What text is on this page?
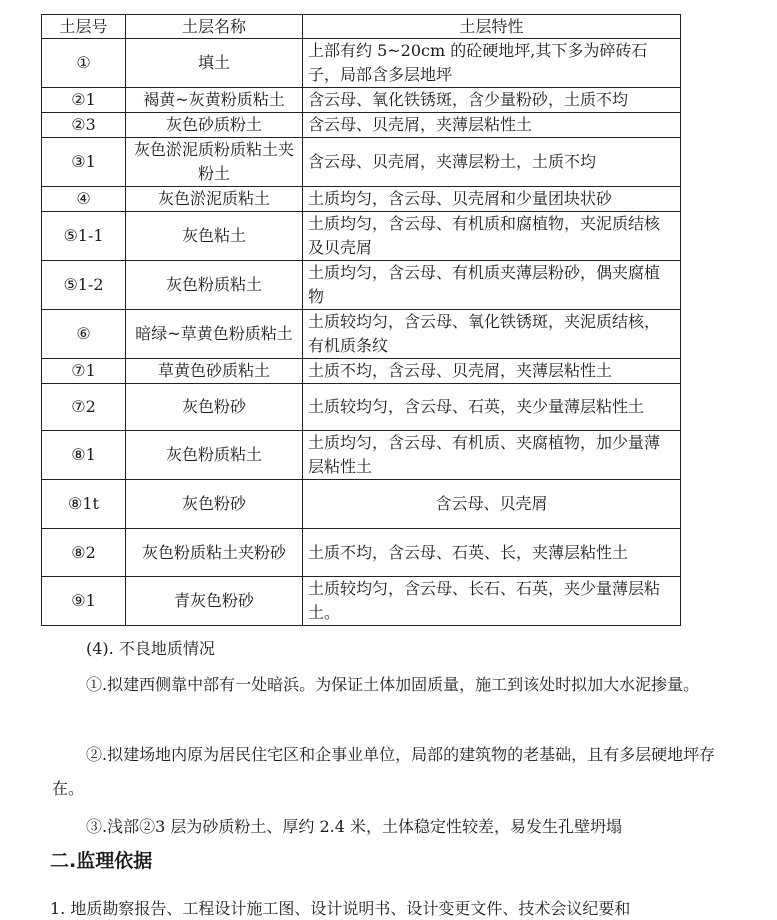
土层号	土层名称	土层特性
①	填土	上部有约 5~20cm 的砼硬地坪,其下多为碎砖石子，局部含多层地坪
②1	褐黄~灰黄粉质粘土	含云母、氧化铁锈斑，含少量粉砂，土质不均
②3	灰色砂质粉土	含云母、贝壳屑，夹薄层粘性土
③1	灰色淤泥质粉质粘土夹粉土	含云母、贝壳屑，夹薄层粉土，土质不均
④	灰色淤泥质粘土	土质均匀，含云母、贝壳屑和少量团块状砂
⑤1-1	灰色粘土	土质均匀，含云母、有机质和腐植物，夹泥质结核及贝壳屑
⑤1-2	灰色粉质粘土	土质均匀，含云母、有机质夹薄层粉砂，偶夹腐植物
⑥	暗绿~草黄色粉质粘土	土质较均匀，含云母、氧化铁锈斑，夹泥质结核，有机质条纹
⑦1	草黄色砂质粘土	土质不均，含云母、贝壳屑，夹薄层粘性土
⑦2	灰色粉砂	土质较均匀，含云母、石英，夹少量薄层粘性土
⑧1	灰色粉质粘土	土质均匀，含云母、有机质、夹腐植物，加少量薄层粘性土
⑧1t	灰色粉砂	含云母、贝壳屑
⑧2	灰色粉质粘土夹粉砂	土质不均，含云母、石英、长，夹薄层粘性土
⑨1	青灰色粉砂	土质较均匀，含云母、长石、石英，夹少量薄层粘土。
(4). 不良地质情况
①.拟建西侧靠中部有一处暗浜。为保证土体加固质量，施工到该处时拟加大水泥掺量。
②.拟建场地内原为居民住宅区和企事业单位，局部的建筑物的老基础，且有多层硬地坪存在。
③.浅部②3 层为砂质粉土、厚约 2.4 米，土体稳定性较差，易发生孔壁坍塌
二.监理依据
1. 地质勘察报告、工程设计施工图、设计说明书、设计变更文件、技术会议纪要和
